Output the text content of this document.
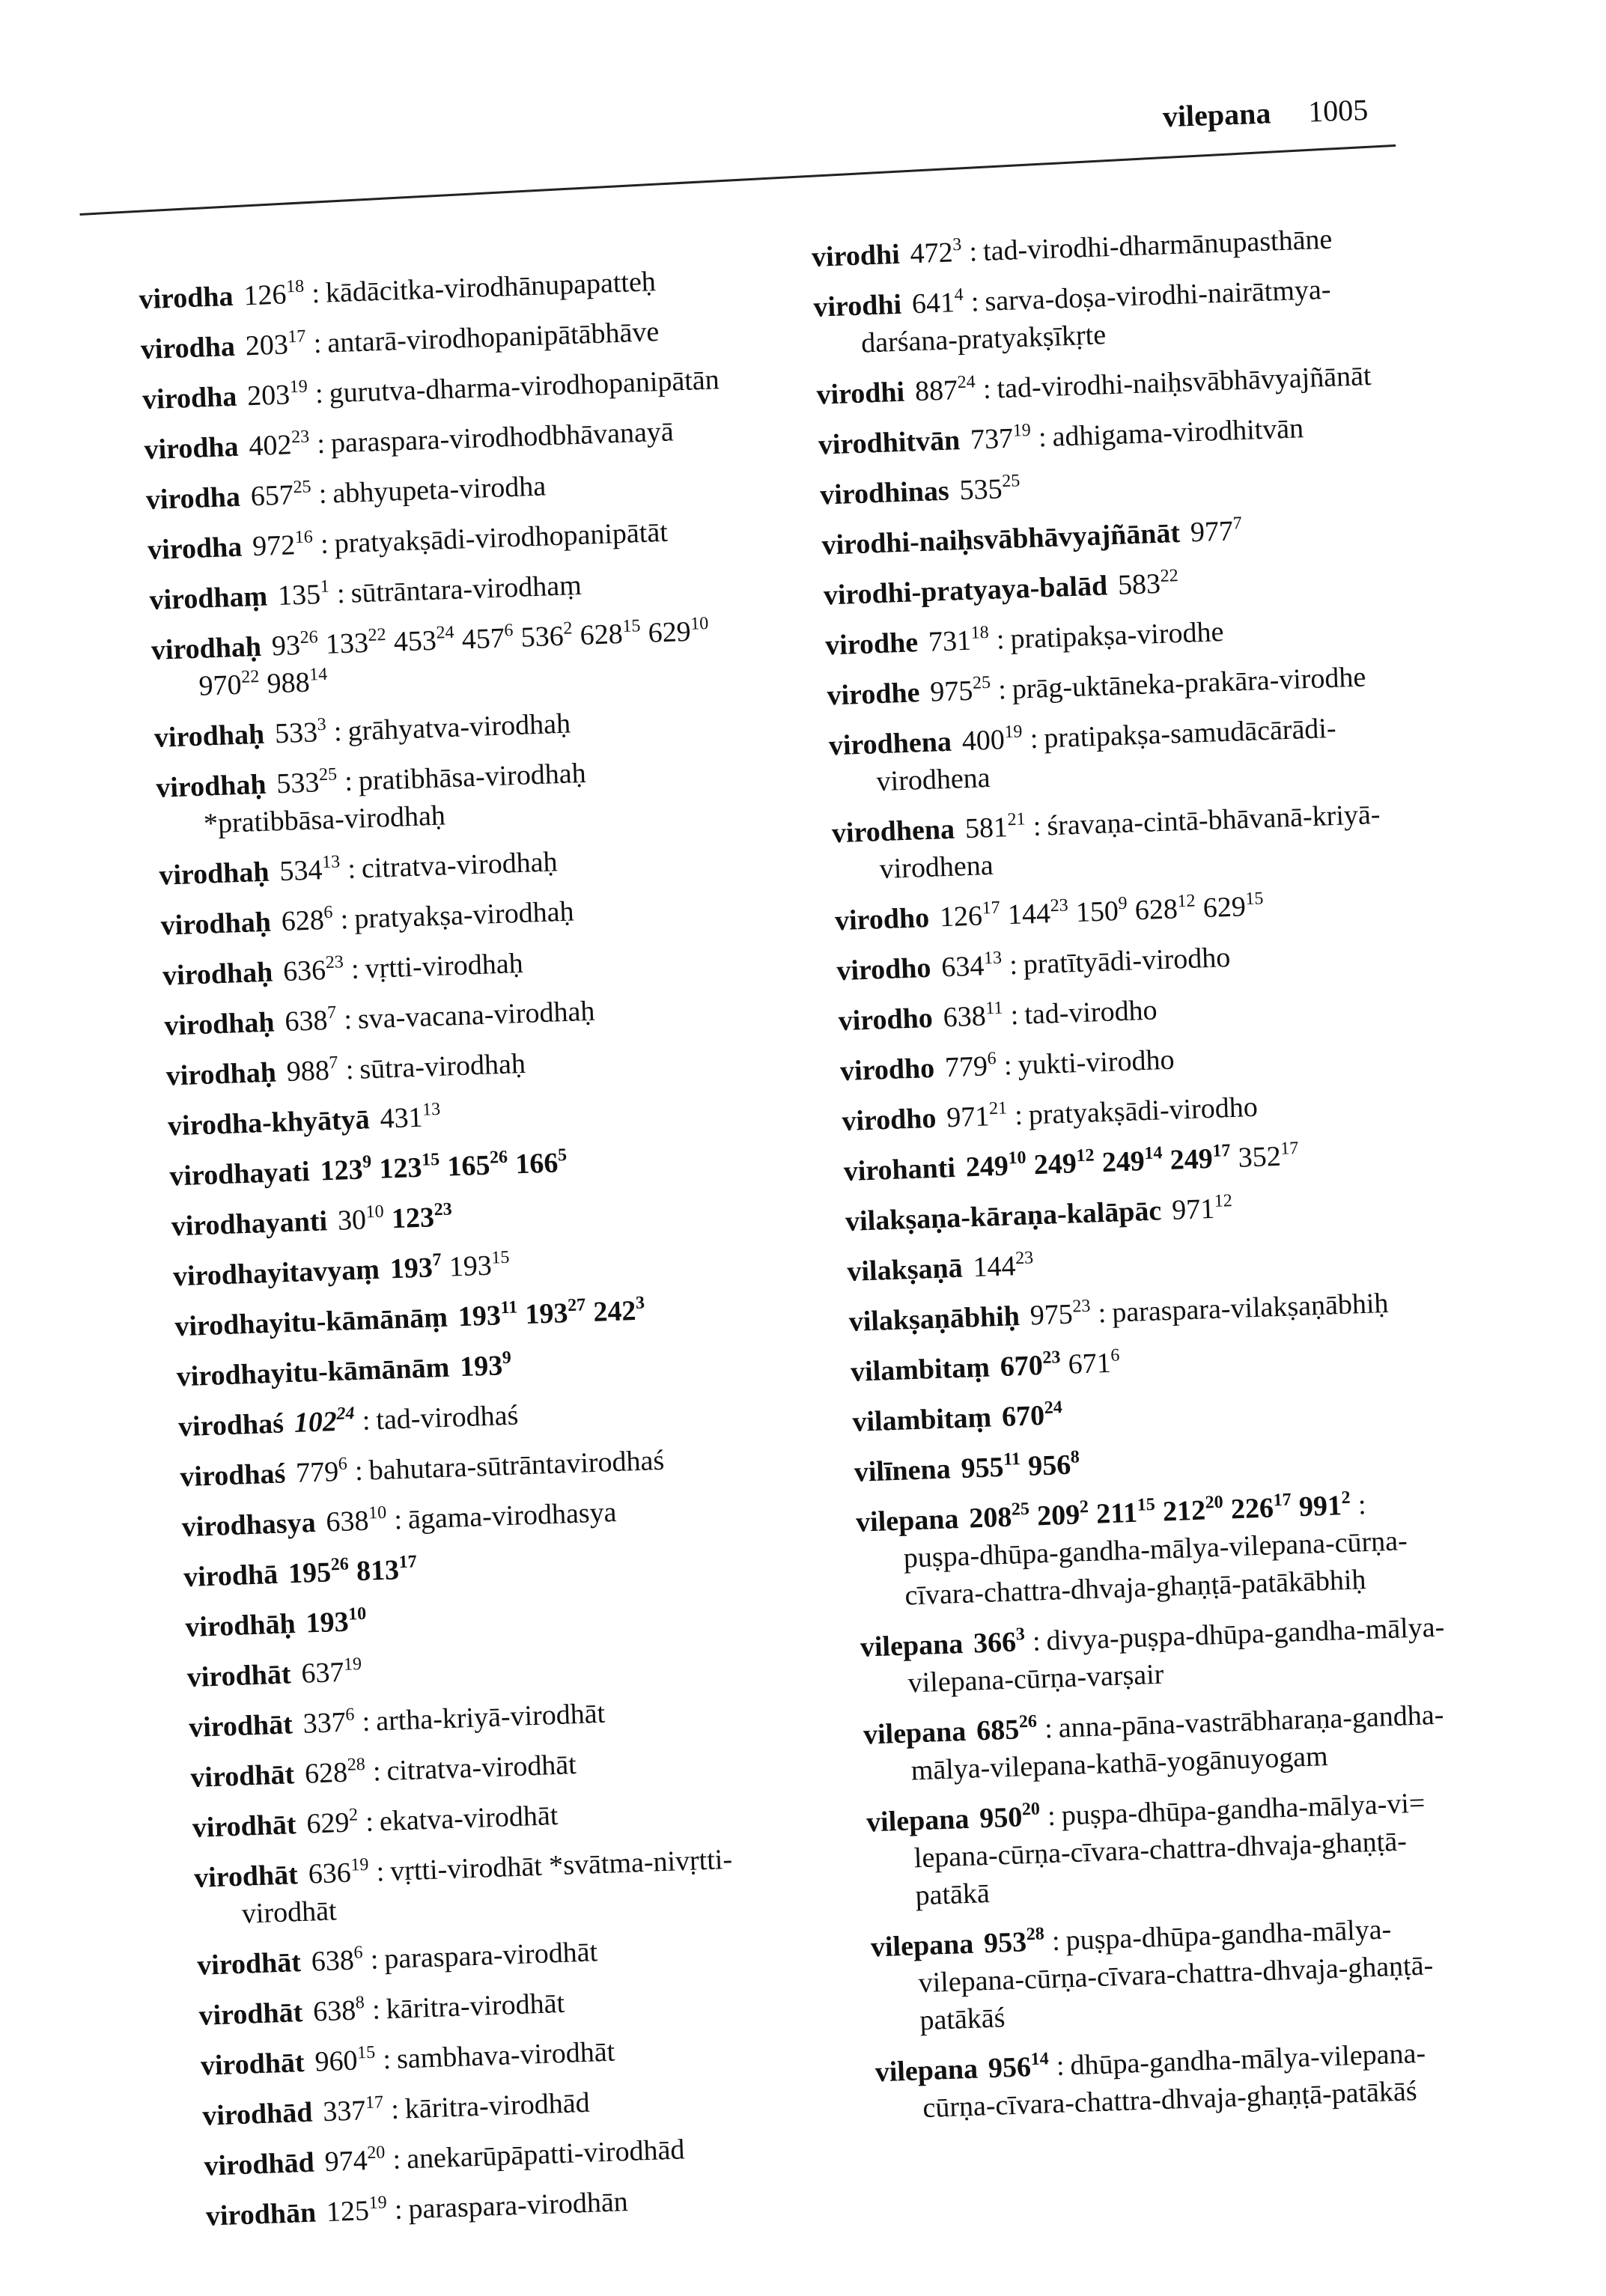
vilepana 1005
virodha $126^{18}$ : kādācitka-virodhānupapatteḥ
virodha $203^{17}$ : antarā-virodhopanipātābhāve
virodha $203^{19}$ : gurutva-dharma-virodhopanipātān
virodha $402^{23}$ : paraspara-virodhodbhāvanayā
virodha $657^{25}$ : abhyupeta-virodha
virodha $972^{16}$ : pratyakṣādi-virodhopanipātāt
virodhaṃ $135^1$ : sūtrāntara-virodhaṃ
virodhaḥ $93^{26}$ $133^{22}$ $453^{24}$ $457^6$ $536^2$ $628^{15}$ $629^{10}$
$970^{22}$ $988^{14}$
virodhaḥ $533^3$ : grāhyatva-virodhaḥ
virodhaḥ $533^{25}$ : pratibhāsa-virodhaḥ
*pratibbāsa-virodhaḥ
virodhaḥ $534^{13}$ : citratva-virodhaḥ
virodhaḥ $628^6$ : pratyakṣa-virodhaḥ
virodhaḥ $636^{23}$ : vṛtti-virodhaḥ
virodhaḥ $638^7$ : sva-vacana-virodhaḥ
virodhaḥ $988^7$ : sūtra-virodhaḥ
virodha-khyātyā $431^{13}$
virodhayati $123^9$ $123^{15}$ $165^{26}$ $166^5$
virodhayanti $30^{10}$ $123^{23}$
virodhayitavyaṃ $193^7$ $193^{15}$
virodhayitu-kāmānāṃ $193^{11}$ $193^{27}$ $242^3$
virodhayitu-kāmānām $193^9$
virodhaś $102^{24}$ : tad-virodhaś
virodhaś $779^6$ : bahutara-sūtrāntavirodhaś
virodhasya $638^{10}$ : āgama-virodhasya
virodhā $195^{26}$ $813^{17}$
virodhāḥ $193^{10}$
virodhāt $637^{19}$
virodhāt $337^6$ : artha-kriyā-virodhāt
virodhāt $628^{28}$ : citratva-virodhāt
virodhāt $629^2$ : ekatva-virodhāt
virodhāt $636^{19}$ : vṛtti-virodhāt *svātma-nivṛtti-
virodhāt
virodhāt $638^6$ : paraspara-virodhāt
virodhāt $638^8$ : kāritra-virodhāt
virodhāt $960^{15}$ : sambhava-virodhāt
virodhād $337^{17}$ : kāritra-virodhād
virodhād $974^{20}$ : anekarūpāpatti-virodhād
virodhān $125^{19}$ : paraspara-virodhān
virodhi $472^3$ : tad-virodhi-dharmānupasthāne
virodhi $641^4$ : sarva-doṣa-virodhi-nairātmya-
darśana-pratyakṣīkṛte
virodhi $887^{24}$ : tad-virodhi-naiḥsvābhāvyajñānāt
virodhitvān $737^{19}$ : adhigama-virodhitvān
virodhinas $535^{25}$
virodhi-naiḥsvābhāvyajñānāt $977^7$
virodhi-pratyaya-balād $583^{22}$
virodhe $731^{18}$ : pratipakṣa-virodhe
virodhe $975^{25}$ : prāg-uktāneka-prakāra-virodhe
virodhena $400^{19}$ : pratipakṣa-samudācārādi-
virodhena
virodhena $581^{21}$ : śravaṇa-cintā-bhāvanā-kriyā-
virodhena
virodho $126^{17}$ $144^{23}$ $150^9$ $628^{12}$ $629^{15}$
virodho $634^{13}$ : pratītyādi-virodho
virodho $638^{11}$ : tad-virodho
virodho $779^6$ : yukti-virodho
virodho $971^{21}$ : pratyakṣādi-virodho
virohanti $249^{10}$ $249^{12}$ $249^{14}$ $249^{17}$ $352^{17}$
vilakṣaṇa-kāraṇa-kalāpāc $971^{12}$
vilakṣaṇā $144^{23}$
vilakṣaṇābhiḥ $975^{23}$ : paraspara-vilakṣaṇābhiḥ
vilambitaṃ $670^{23}$ $671^6$
vilambitaṃ $670^{24}$
vilīnena $955^{11}$ $956^8$
vilepana $208^{25}$ $209^2$ $211^{15}$ $212^{20}$ $226^{17}$ $991^2$ :
puṣpa-dhūpa-gandha-mālya-vilepana-cūrṇa-
cīvara-chattra-dhvaja-ghaṇṭā-patākābhiḥ
vilepana $366^3$ : divya-puṣpa-dhūpa-gandha-mālya-
vilepana-cūrṇa-varṣair
vilepana $685^{26}$ : anna-pāna-vastrābharaṇa-gandha-
mālya-vilepana-kathā-yogānuyogam
vilepana $950^{20}$ : puṣpa-dhūpa-gandha-mālya-vi=
lepana-cūrṇa-cīvara-chattra-dhvaja-ghaṇṭā-
patākā
vilepana $953^{28}$ : puṣpa-dhūpa-gandha-mālya-
vilepana-cūrṇa-cīvara-chattra-dhvaja-ghaṇṭā-
patākāś
vilepana $956^{14}$ : dhūpa-gandha-mālya-vilepana-
cūrṇa-cīvara-chattra-dhvaja-ghaṇṭā-patākāś
